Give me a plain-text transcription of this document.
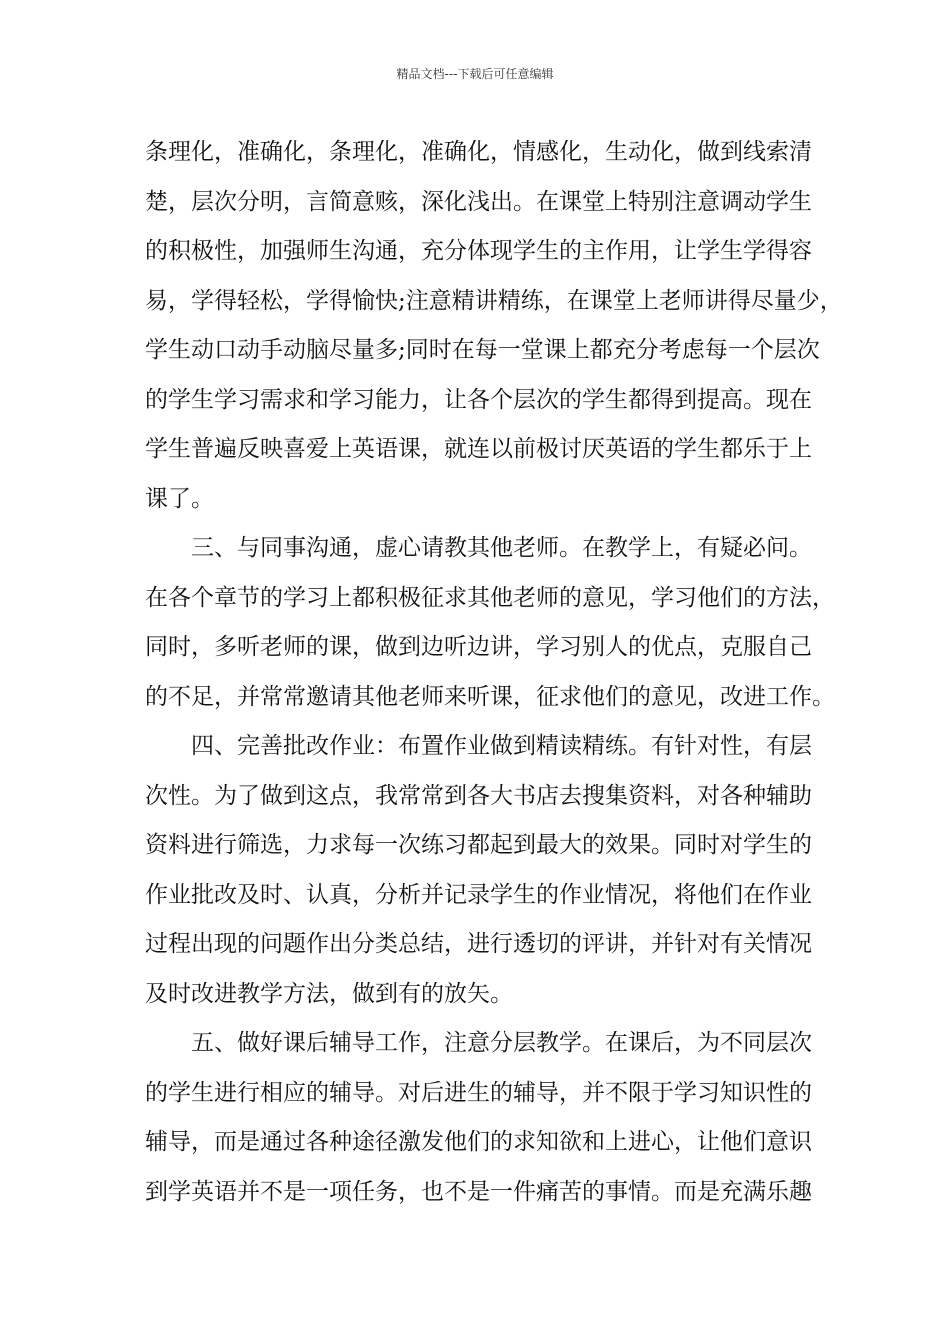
精品文档---下载后可任意编辑
条理化，准确化，条理化，准确化，情感化，生动化，做到线索清
楚，层次分明，言简意赅，深化浅出。在课堂上特别注意调动学生
的积极性，加强师生沟通，充分体现学生的主作用，让学生学得容
易，学得轻松，学得愉快;注意精讲精练，在课堂上老师讲得尽量少，
学生动口动手动脑尽量多;同时在每一堂课上都充分考虑每一个层次
的学生学习需求和学习能力，让各个层次的学生都得到提高。现在
学生普遍反映喜爱上英语课，就连以前极讨厌英语的学生都乐于上
课了。
　　三、与同事沟通，虚心请教其他老师。在教学上，有疑必问。
在各个章节的学习上都积极征求其他老师的意见，学习他们的方法，
同时，多听老师的课，做到边听边讲，学习别人的优点，克服自己
的不足，并常常邀请其他老师来听课，征求他们的意见，改进工作。
　　四、完善批改作业：布置作业做到精读精练。有针对性，有层
次性。为了做到这点，我常常到各大书店去搜集资料，对各种辅助
资料进行筛选，力求每一次练习都起到最大的效果。同时对学生的
作业批改及时、认真，分析并记录学生的作业情况，将他们在作业
过程出现的问题作出分类总结，进行透切的评讲，并针对有关情况
及时改进教学方法，做到有的放矢。
　　五、做好课后辅导工作，注意分层教学。在课后，为不同层次
的学生进行相应的辅导。对后进生的辅导，并不限于学习知识性的
辅导，而是通过各种途径激发他们的求知欲和上进心，让他们意识
到学英语并不是一项任务，也不是一件痛苦的事情。而是充满乐趣
